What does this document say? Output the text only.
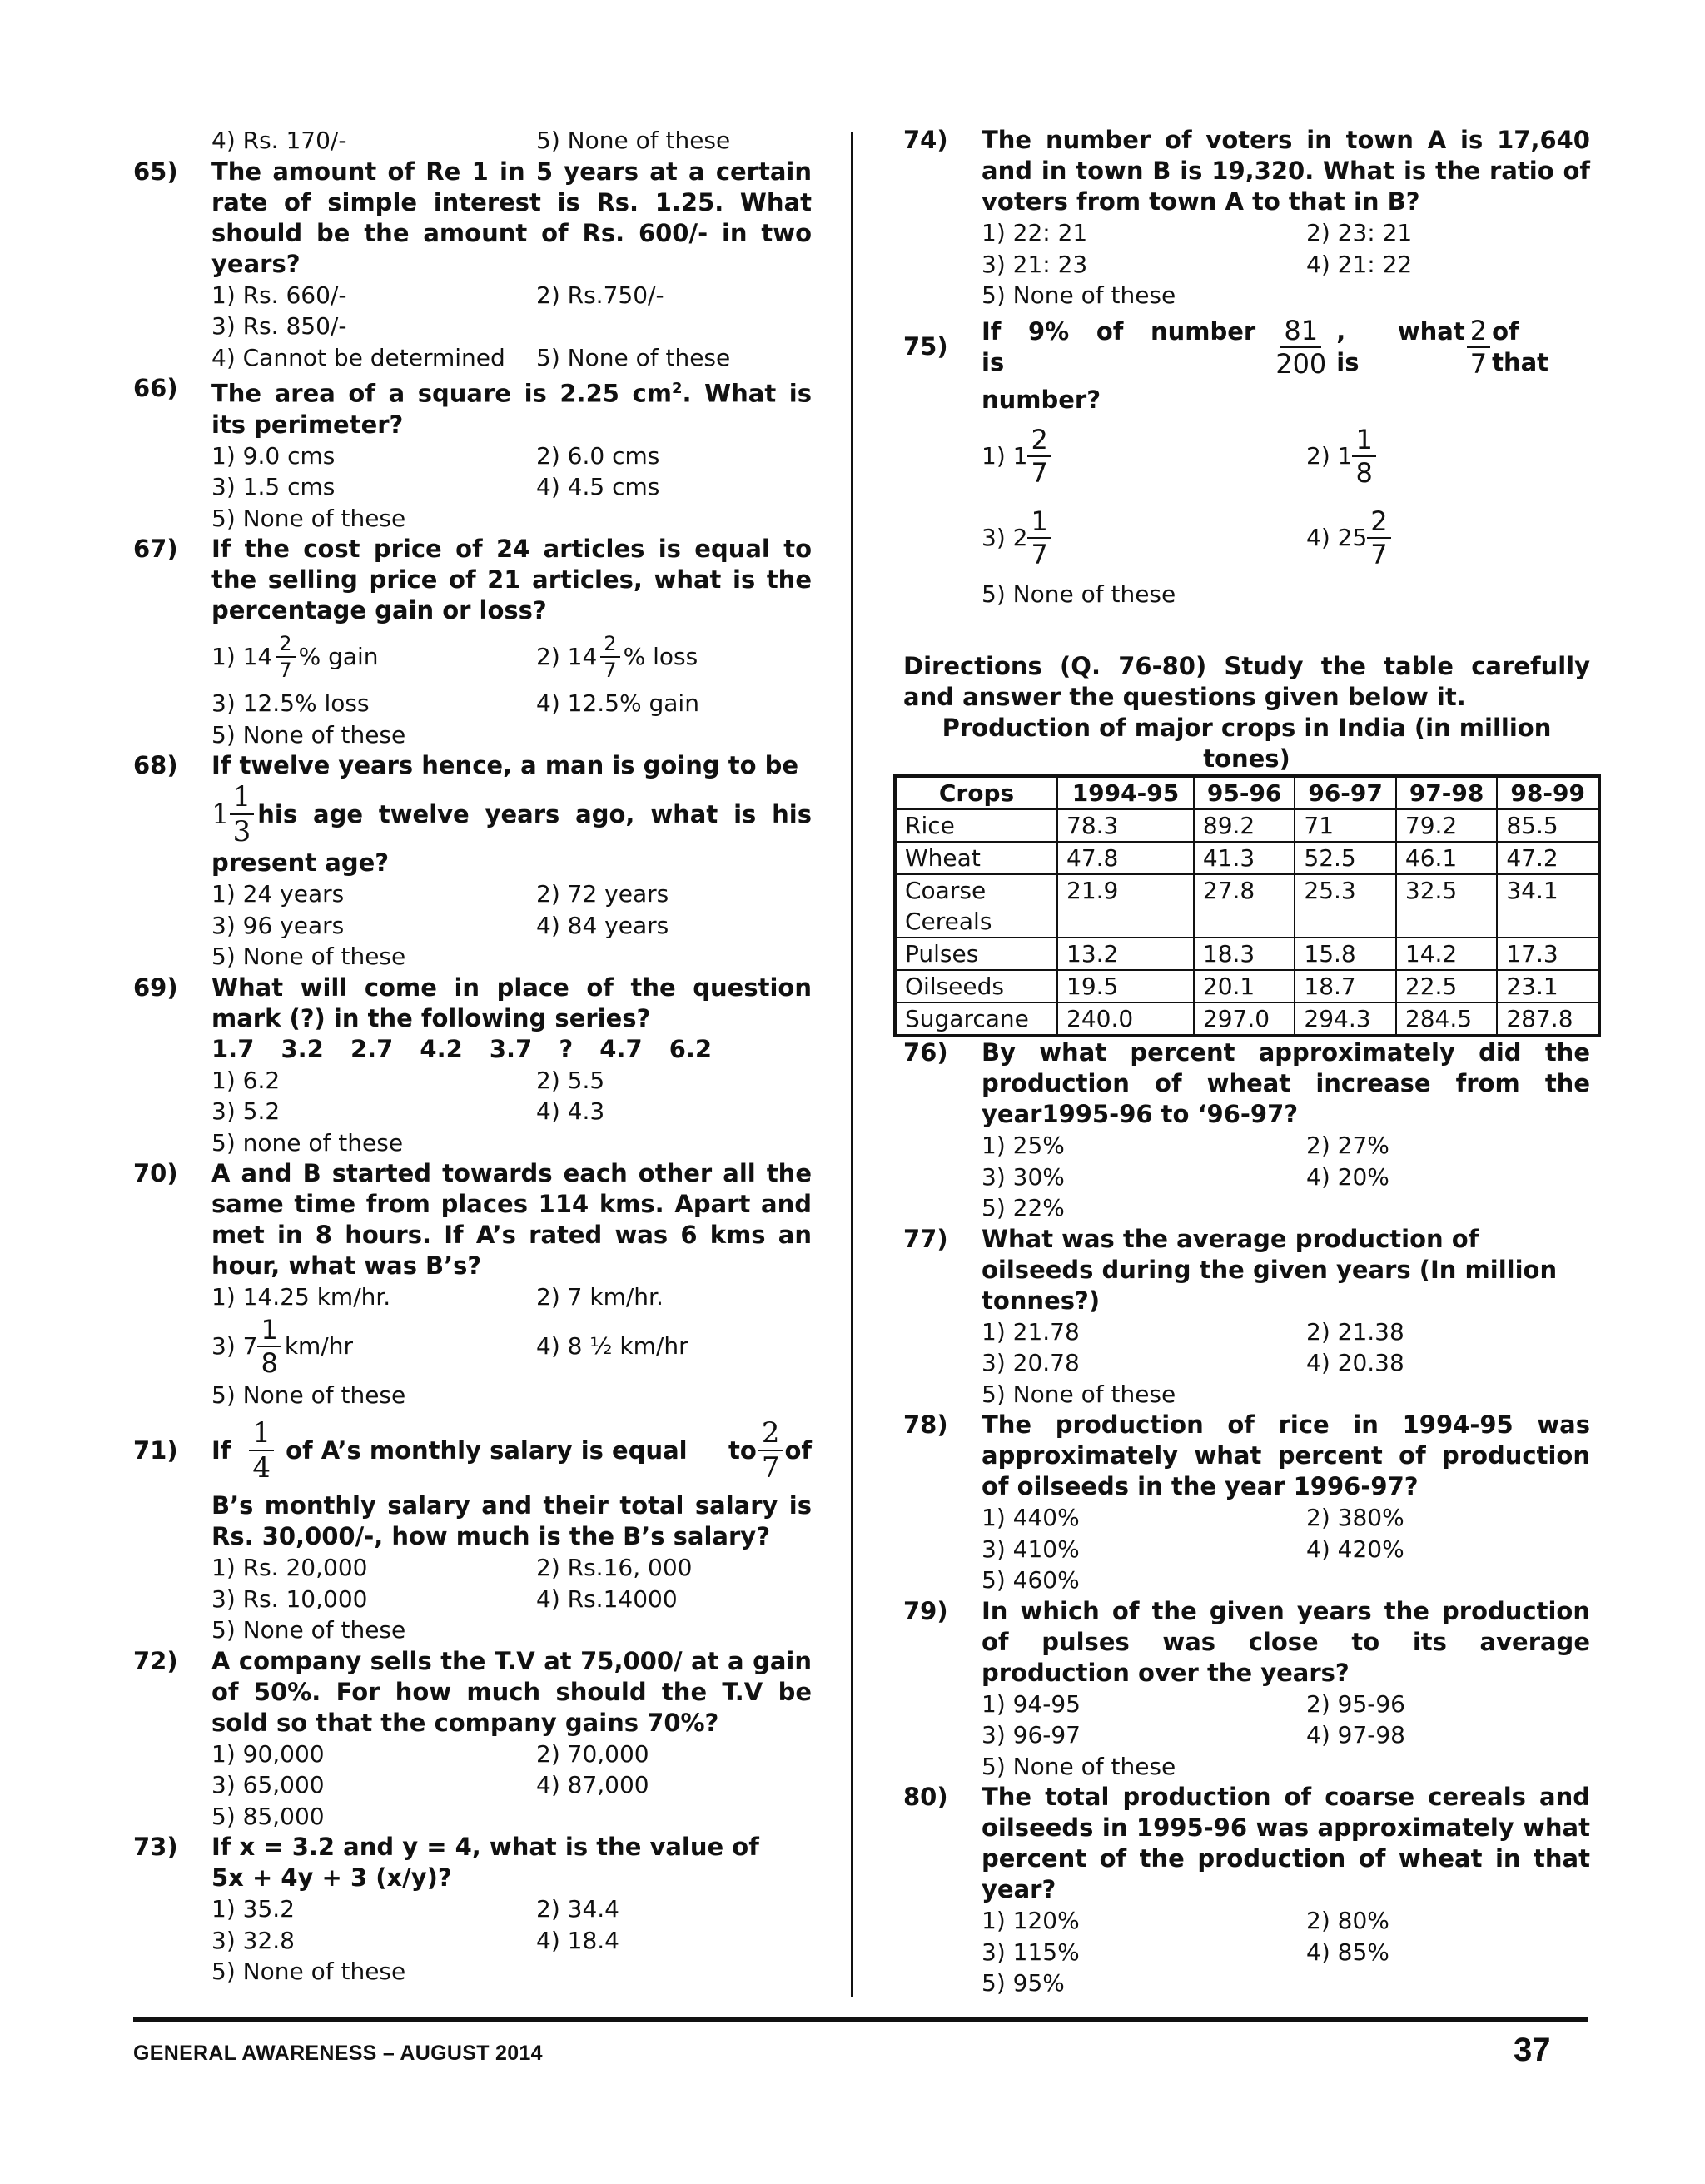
4) Rs. 170/-	5) None of these
65)	The amount of Re 1 in 5 years at a certain rate of simple interest is Rs. 1.25. What should be the amount of Rs. 600/- in two years?
1) Rs. 660/-	2) Rs.750/-
3) Rs. 850/-
4) Cannot be determined	5) None of these
66)	The area of a square is 2.25 $cm^2$. What is its perimeter?
1) 9.0 cms	2) 6.0 cms
3) 1.5 cms	4) 4.5 cms
5) None of these
67)	If the cost price of 24 articles is equal to the selling price of 21 articles, what is the percentage gain or loss?
1) $14 \frac{2}{7}$ % gain	2) $14 \frac{2}{7}$ % loss
3) 12.5% loss	4) 12.5% gain
5) None of these
68)	If twelve years hence, a man is going to be
$1 \frac{1}{3}$ his age twelve years ago, what is his
present age?
1) 24 years	2) 72 years
3) 96 years	4) 84 years
5) None of these
69)	What will come in place of the question mark (?) in the following series?
1.7 3.2 2.7 4.2 3.7 ? 4.7 6.2
1) 6.2	2) 5.5
3) 5.2	4) 4.3
5) none of these
70)	A and B started towards each other all the same time from places 114 kms. Apart and met in 8 hours. If A’s rated was 6 kms an hour, what was B’s?
1) 14.25 km/hr.	2) 7 km/hr.
3) $7 \frac{1}{8} km/hr$	4) 8 ½ km/hr
5) None of these
71)	If $\frac{1}{4}$ of A’s monthly salary is equal to $\frac{2}{7}$ of
B’s monthly salary and their total salary is Rs. 30,000/-, how much is the B’s salary?
1) Rs. 20,000	2) Rs.16, 000
3) Rs. 10,000	4) Rs.14000
5) None of these
72)	A company sells the T.V at 75,000/ at a gain of 50%. For how much should the T.V be sold so that the company gains 70%?
1) 90,000	2) 70,000
3) 65,000	4) 87,000
5) 85,000
73)	If x = 3.2 and y = 4, what is the value of
5x + 4y + 3 (x/y)?
1) 35.2	2) 34.4
3) 32.8	4) 18.4
5) None of these
74)	The number of voters in town A is 17,640 and in town B is 19,320. What is the ratio of voters from town A to that in B?
1) 22: 21	2) 23: 21
3) 21: 23	4) 21: 22
5) None of these
75)
If 9% of number is	$\frac{81}{200}$ , what is	$\frac{2}{7}$ of that
number?
1) $1 \frac{2}{7}$	2) $1 \frac{1}{8}$
3) $2 \frac{1}{7}$	4) $25 \frac{2}{7}$
5) None of these
Directions (Q. 76-80) Study the table carefully and answer the questions given below it.
Production of major crops in India (in million tones)
Crops	1994-95	95-96	96-97	97-98	98-99
Rice	78.3	89.2	71	79.2	85.5
Wheat	47.8	41.3	52.5	46.1	47.2
Coarse Cereals	21.9	27.8	25.3	32.5	34.1
Pulses	13.2	18.3	15.8	14.2	17.3
Oilseeds	19.5	20.1	18.7	22.5	23.1
Sugarcane	240.0	297.0	294.3	284.5	287.8
76)	By what percent approximately did the production of wheat increase from the year1995-96 to ‘96-97?
1) 25%	2) 27%
3) 30%	4) 20%
5) 22%
77)	What was the average production of oilseeds during the given years (In million tonnes?)
1) 21.78	2) 21.38
3) 20.78	4) 20.38
5) None of these
78)	The production of rice in 1994-95 was approximately what percent of production of oilseeds in the year 1996-97?
1) 440%	2) 380%
3) 410%	4) 420%
5) 460%
79)	In which of the given years the production of pulses was close to its average production over the years?
1) 94-95	2) 95-96
3) 96-97	4) 97-98
5) None of these
80)	The total production of coarse cereals and oilseeds in 1995-96 was approximately what percent of the production of wheat in that year?
1) 120%	2) 80%
3) 115%	4) 85%
5) 95%
GENERAL AWARENESS – AUGUST 2014	37
